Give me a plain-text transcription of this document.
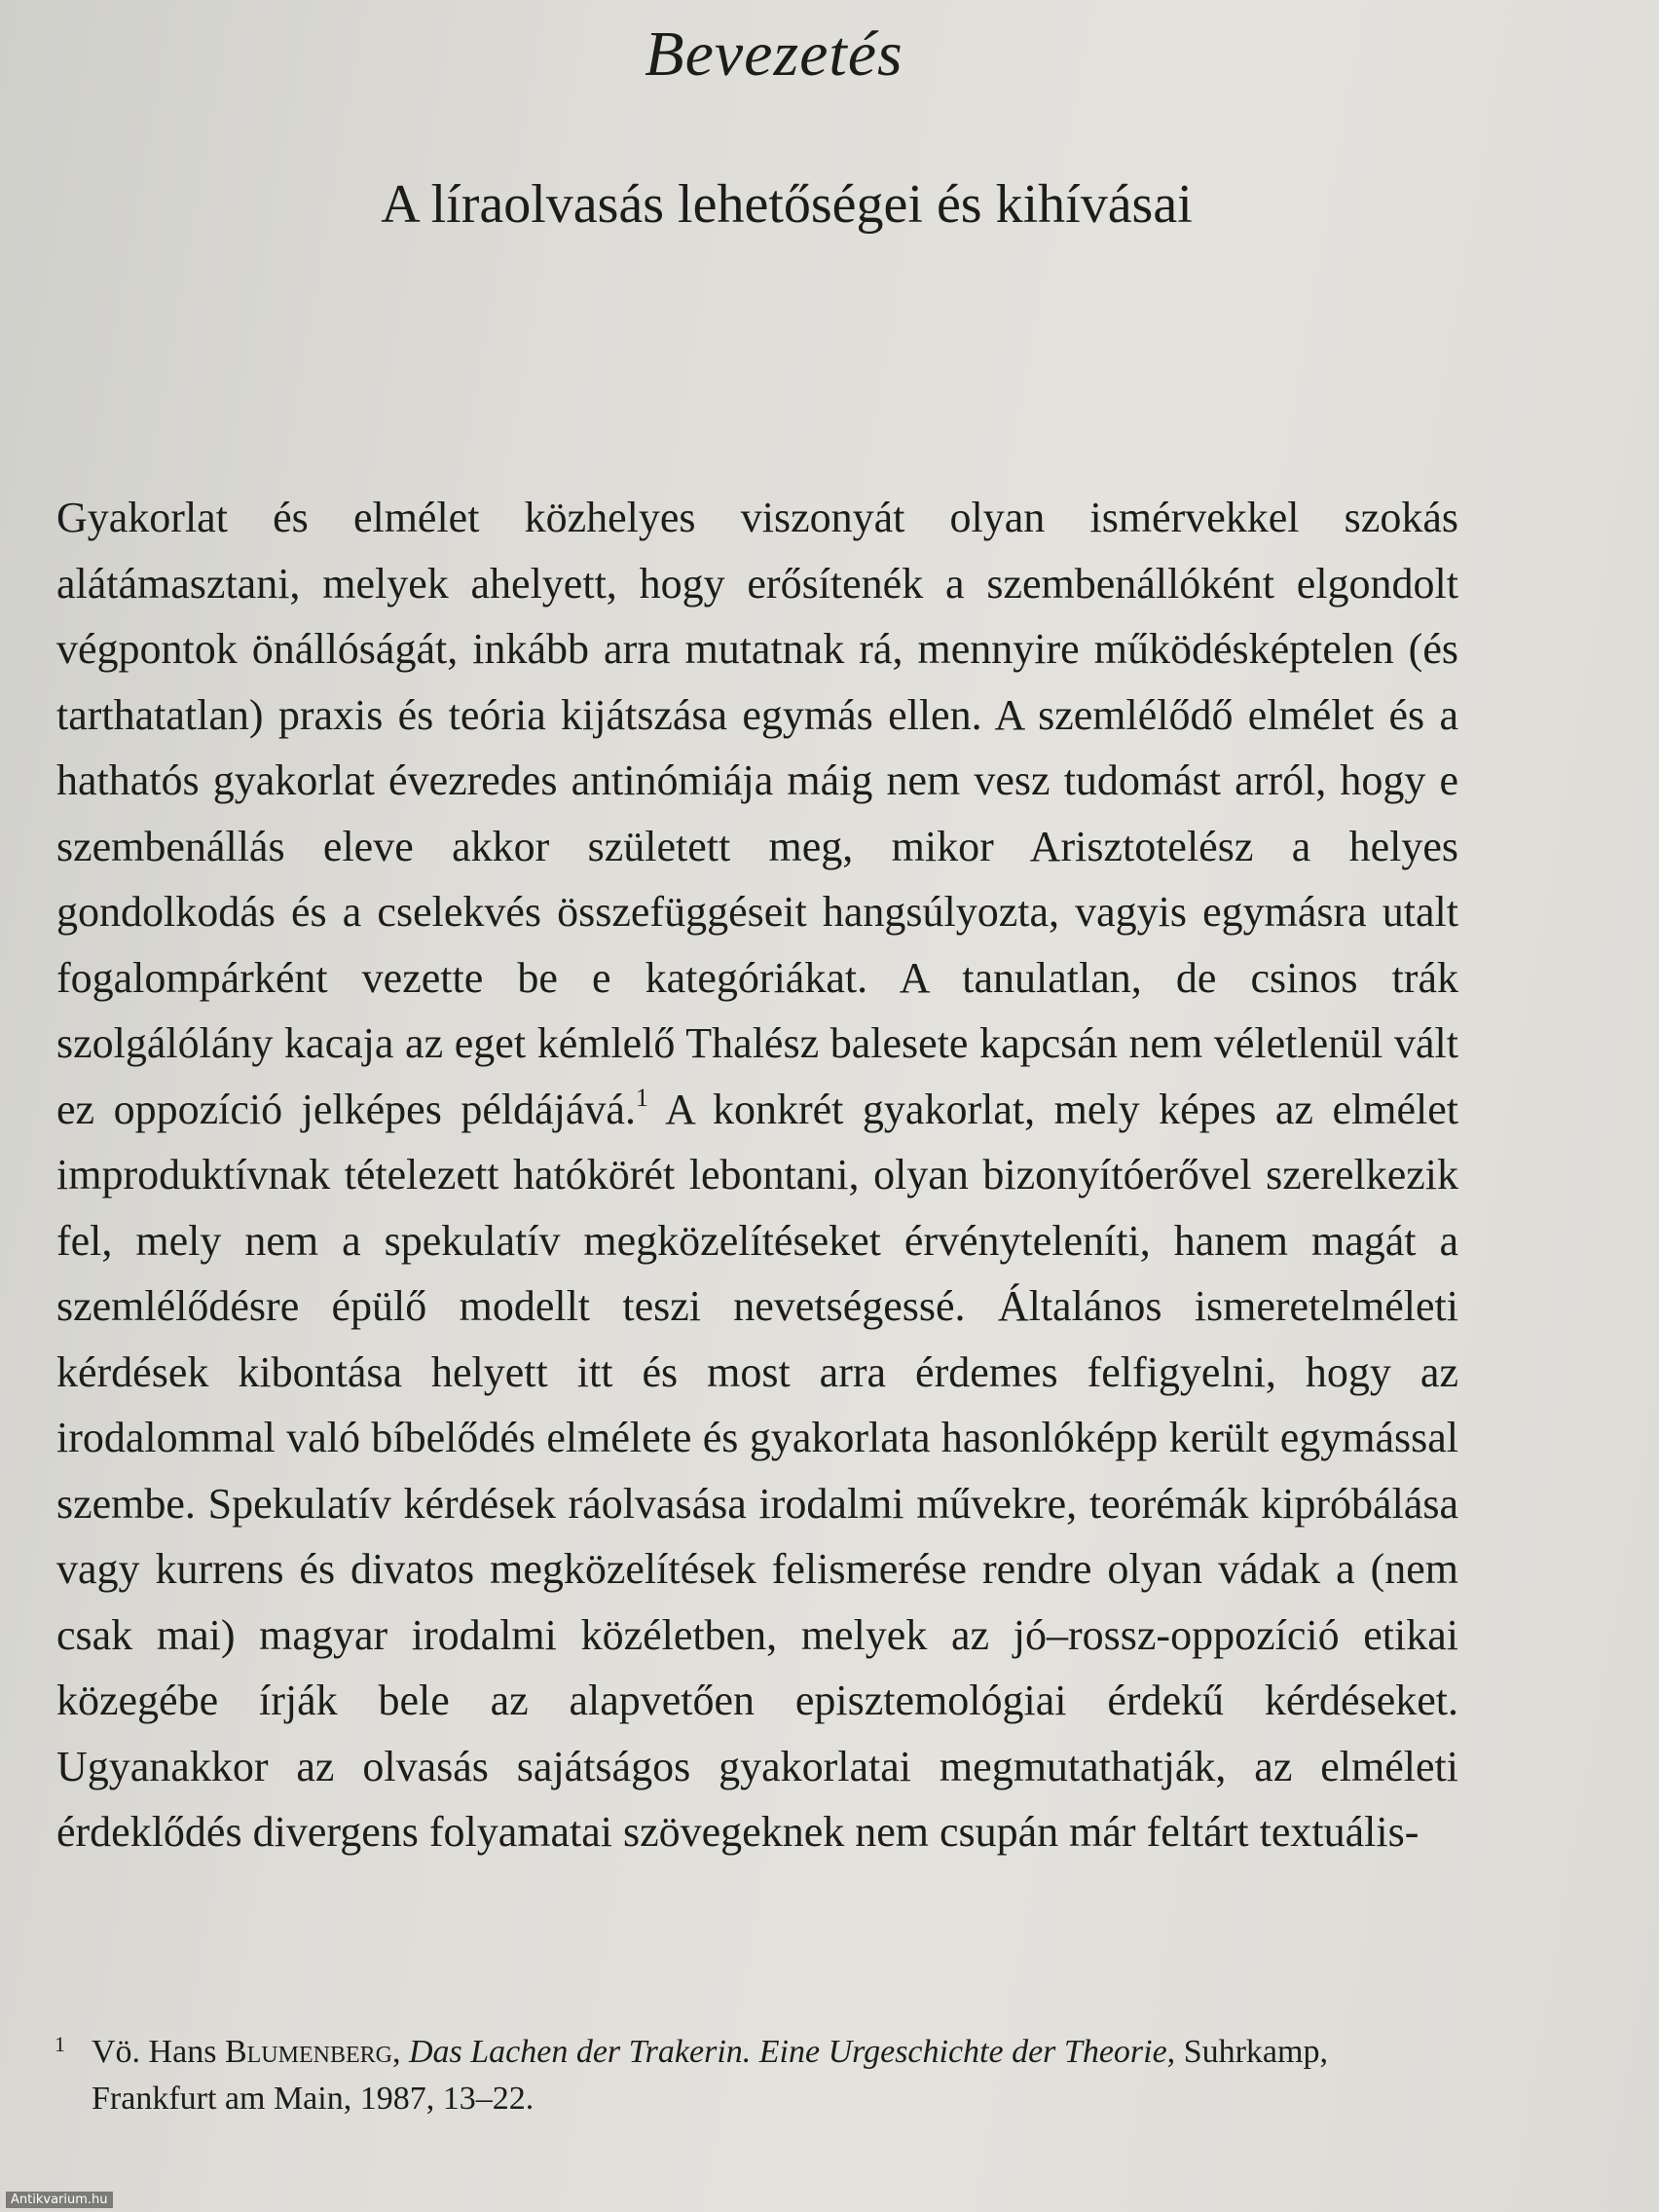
Bevezetés
A líraolvasás lehetőségei és kihívásai

Gyakorlat és elmélet közhelyes viszonyát olyan ismérvekkel szokás alátámasztani, melyek ahelyett, hogy erősítenék a szembenállóként elgondolt végpontok önállóságát, inkább arra mutatnak rá, mennyire működésképtelen (és tarthatatlan) praxis és teória kijátszása egymás ellen. A szemlélődő elmélet és a hathatós gyakorlat évezredes antinómiája máig nem vesz tudomást arról, hogy e szembenállás eleve akkor született meg, mikor Arisztotelész a helyes gondolkodás és a cselekvés összefüggéseit hangsúlyozta, vagyis egymásra utalt fogalompárként vezette be e kategóriákat. A tanulatlan, de csinos trák szolgálólány kacaja az eget kémlelő Thalész balesete kapcsán nem véletlenül vált ez oppozíció jelképes példájává.$^1$ A konkrét gyakorlat, mely képes az elmélet improduktívnak tételezett hatókörét lebontani, olyan bizonyítóerővel szerelkezik fel, mely nem a spekulatív megközelítéseket érvényteleníti, hanem magát a szemlélődésre épülő modellt teszi nevetségessé. Általános ismeretelméleti kérdések kibontása helyett itt és most arra érdemes felfigyelni, hogy az irodalommal való bíbelődés elmélete és gyakorlata hasonlóképp került egymással szembe. Spekulatív kérdések ráolvasása irodalmi művekre, teorémák kipróbálása vagy kurrens és divatos megközelítések felismerése rendre olyan vádak a (nem csak mai) magyar irodalmi közéletben, melyek az jó–rossz-oppozíció etikai közegébe írják bele az alapvetően episztemológiai érdekű kérdéseket. Ugyanakkor az olvasás sajátságos gyakorlatai megmutathatják, az elméleti érdeklődés divergens folyamatai szövegeknek nem csupán már feltárt textuális-

1 Vö. Hans Blumenberg, Das Lachen der Trakerin. Eine Urgeschichte der Theorie, Suhrkamp, Frankfurt am Main, 1987, 13–22.
Antikvarium.hu
